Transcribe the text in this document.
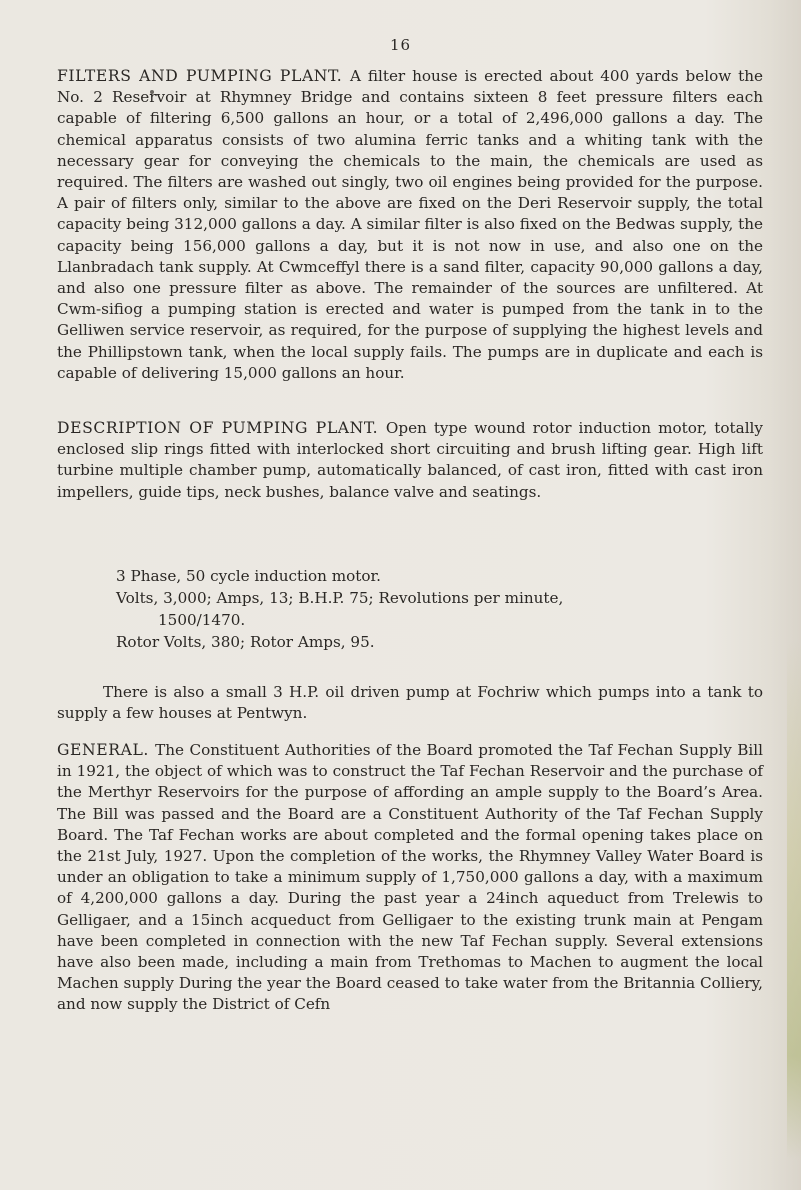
16
FILTERS AND PUMPING PLANT. A filter house is erected about 400 yards below the No. 2 Reservoir at Rhymney Bridge and contains sixteen 8 feet pressure filters each capable of filtering 6,500 gallons an hour, or a total of 2,496,000 gallons a day. The chemical apparatus consists of two alumina ferric tanks and a whiting tank with the necessary gear for conveying the chemicals to the main, the chemicals are used as required. The filters are washed out singly, two oil engines being provided for the purpose. A pair of filters only, similar to the above are fixed on the Deri Reservoir supply, the total capacity being 312,000 gallons a day. A similar filter is also fixed on the Bedwas supply, the capacity being 156,000 gallons a day, but it is not now in use, and also one on the Llanbradach tank supply. At Cwmceffyl there is a sand filter, capacity 90,000 gallons a day, and also one pressure filter as above. The remainder of the sources are unfiltered. At Cwm-sifiog a pumping station is erected and water is pumped from the tank in to the Gelliwen service reservoir, as required, for the purpose of supplying the highest levels and the Phillipstown tank, when the local supply fails. The pumps are in duplicate and each is capable of delivering 15,000 gallons an hour.
DESCRIPTION OF PUMPING PLANT. Open type wound rotor induction motor, totally enclosed slip rings fitted with interlocked short circuiting and brush lifting gear. High lift turbine multiple chamber pump, automatically balanced, of cast iron, fitted with cast iron impellers, guide tips, neck bushes, balance valve and seatings.
3 Phase, 50 cycle induction motor.
Volts, 3,000; Amps, 13; B.H.P. 75; Revolutions per minute,
1500/1470.
Rotor Volts, 380; Rotor Amps, 95.
There is also a small 3 H.P. oil driven pump at Fochriw which pumps into a tank to supply a few houses at Pentwyn.
GENERAL. The Constituent Authorities of the Board promoted the Taf Fechan Supply Bill in 1921, the object of which was to construct the Taf Fechan Reservoir and the purchase of the Merthyr Reservoirs for the purpose of affording an ample supply to the Board’s Area. The Bill was passed and the Board are a Constituent Authority of the Taf Fechan Supply Board. The Taf Fechan works are about completed and the formal opening takes place on the 21st July, 1927. Upon the completion of the works, the Rhymney Valley Water Board is under an obligation to take a minimum supply of 1,750,000 gallons a day, with a maximum of 4,200,000 gallons a day. During the past year a 24inch aqueduct from Trelewis to Gelligaer, and a 15inch acqueduct from Gelligaer to the existing trunk main at Pengam have been completed in connection with the new Taf Fechan supply. Several extensions have also been made, including a main from Trethomas to Machen to augment the local Machen supply During the year the Board ceased to take water from the Britannia Colliery, and now supply the District of Cefn
